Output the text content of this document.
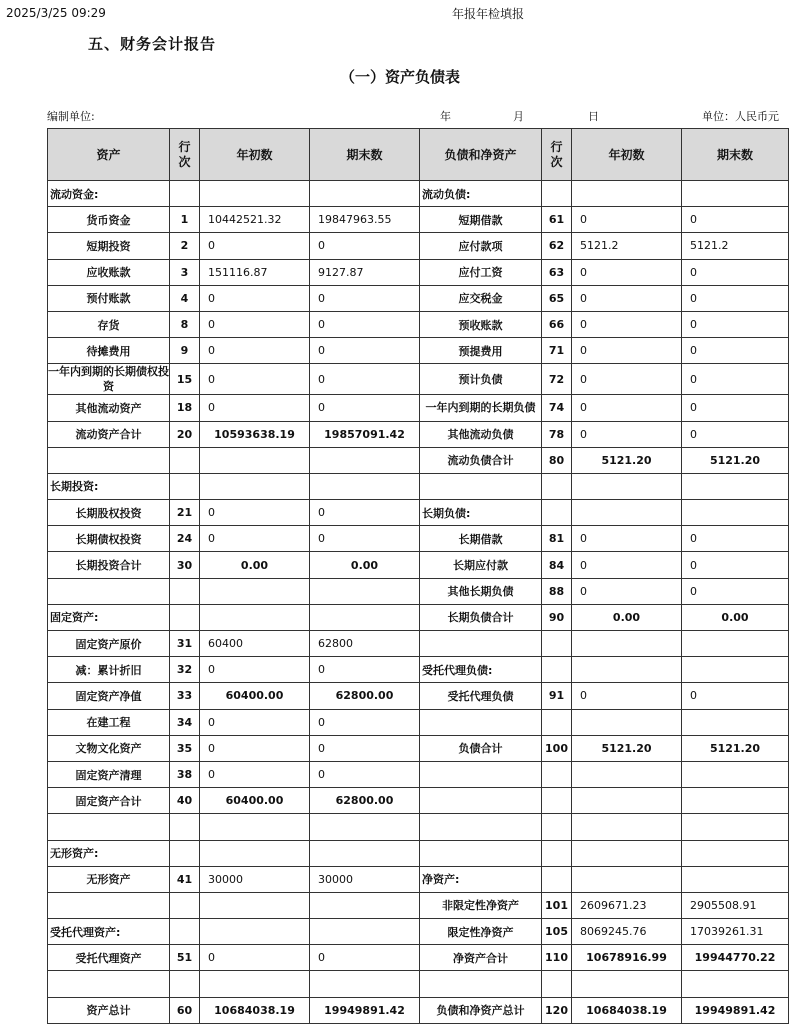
2025/3/25 09:29	年报年检填报
五、财务会计报告
（一）资产负债表
编制单位:	年	月	日	单位：人民币元
资产	行次	年初数	期末数	负债和净资产	行次	年初数	期末数
流动资金:				流动负债:			
货币资金	1	10442521.32	19847963.55	短期借款	61	0	0
短期投资	2	0	0	应付款项	62	5121.2	5121.2
应收账款	3	151116.87	9127.87	应付工资	63	0	0
预付账款	4	0	0	应交税金	65	0	0
存货	8	0	0	预收账款	66	0	0
待摊费用	9	0	0	预提费用	71	0	0
一年内到期的长期债权投资	15	0	0	预计负债	72	0	0
其他流动资产	18	0	0	一年内到期的长期负债	74	0	0
流动资产合计	20	10593638.19	19857091.42	其他流动负债	78	0	0
				流动负债合计	80	5121.20	5121.20
长期投资:							
长期股权投资	21	0	0	长期负债:			
长期债权投资	24	0	0	长期借款	81	0	0
长期投资合计	30	0.00	0.00	长期应付款	84	0	0
				其他长期负债	88	0	0
固定资产:				长期负债合计	90	0.00	0.00
固定资产原价	31	60400	62800				
减：累计折旧	32	0	0	受托代理负债:			
固定资产净值	33	60400.00	62800.00	受托代理负债	91	0	0
在建工程	34	0	0				
文物文化资产	35	0	0	负债合计	100	5121.20	5121.20
固定资产清理	38	0	0				
固定资产合计	40	60400.00	62800.00				

无形资产:							
无形资产	41	30000	30000	净资产:			
				非限定性净资产	101	2609671.23	2905508.91
受托代理资产:				限定性净资产	105	8069245.76	17039261.31
受托代理资产	51	0	0	净资产合计	110	10678916.99	19944770.22

资产总计	60	10684038.19	19949891.42	负债和净资产总计	120	10684038.19	19949891.42
